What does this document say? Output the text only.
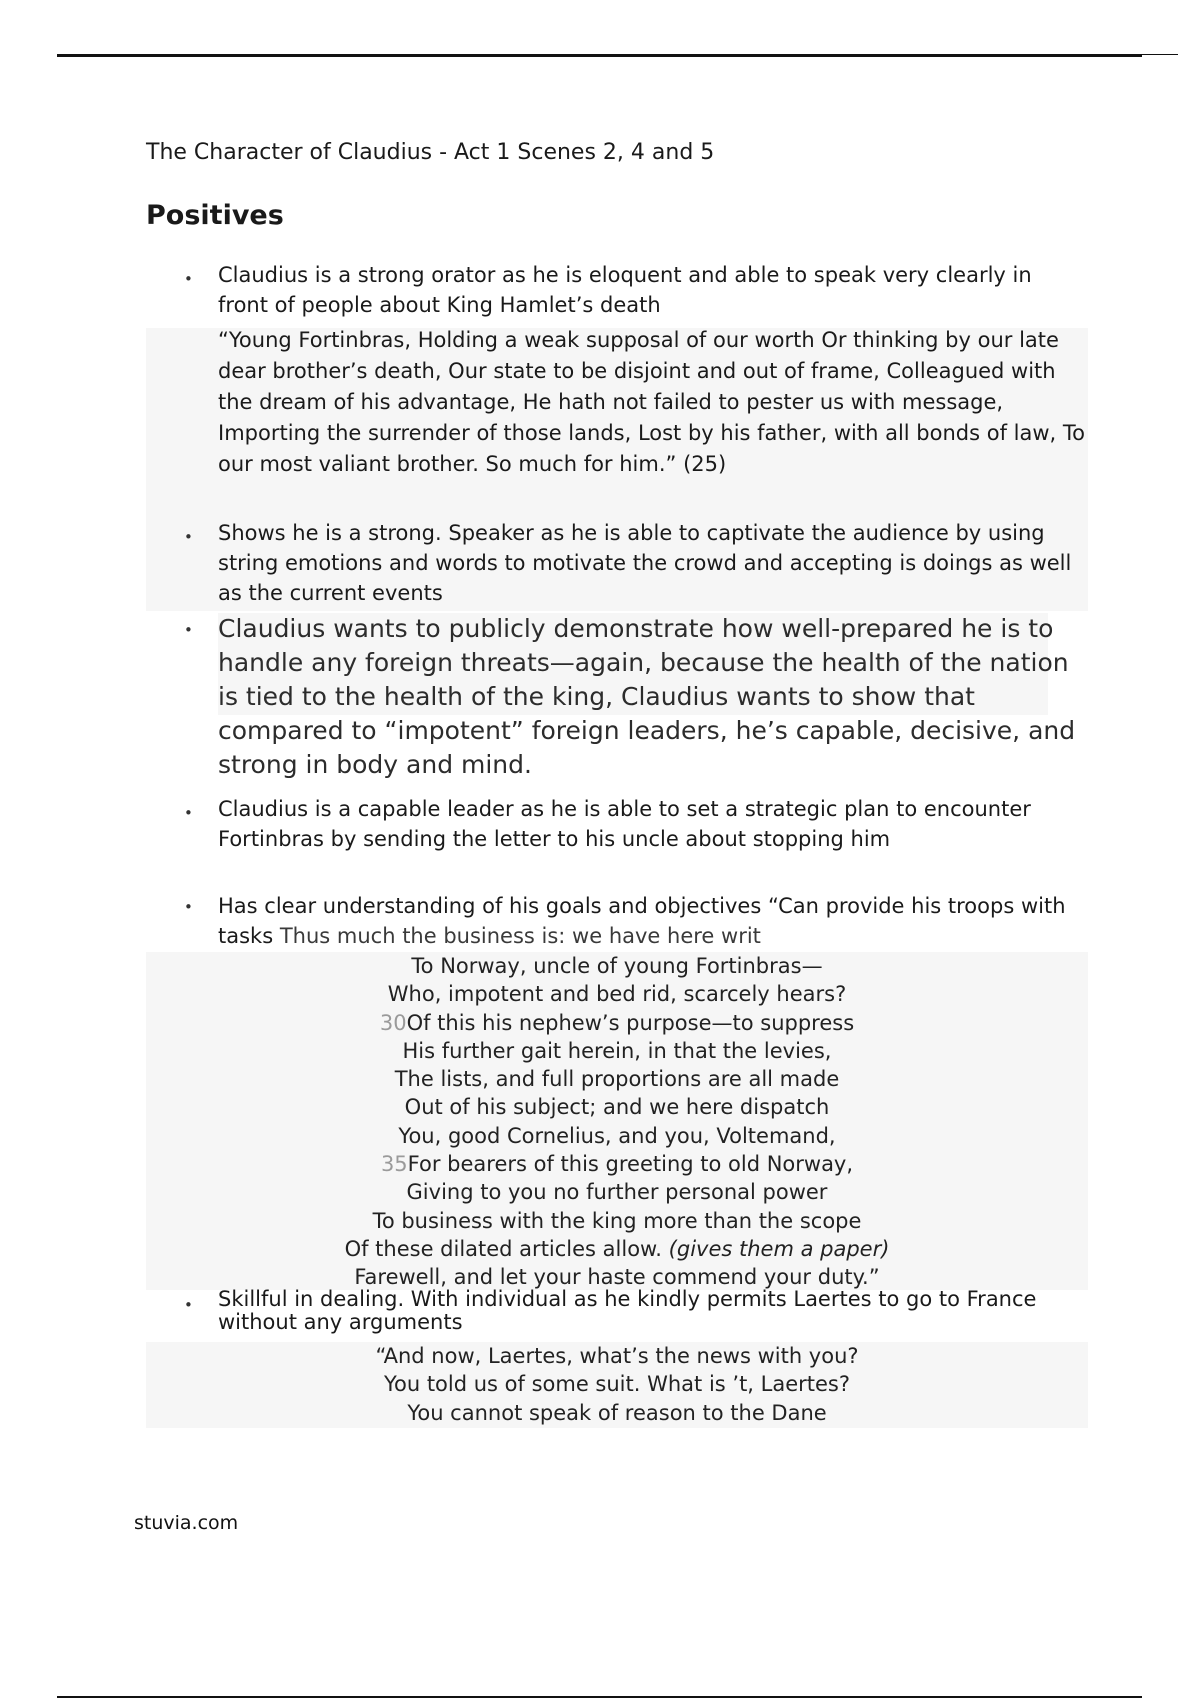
The Character of Claudius - Act 1 Scenes 2, 4 and 5

Positives
• Claudius is a strong orator as he is eloquent and able to speak very clearly in front of people about King Hamlet’s death

“Young Fortinbras, Holding a weak supposal of our worth Or thinking by our late dear brother’s death, Our state to be disjoint and out of frame, Colleagued with the dream of his advantage, He hath not failed to pester us with message, Importing the surrender of those lands, Lost by his father, with all bonds of law, To our most valiant brother. So much for him.” (25)

• Shows he is a strong. Speaker as he is able to captivate the audience by using string emotions and words to motivate the crowd and accepting is doings as well as the current events

• Claudius wants to publicly demonstrate how well-prepared he is to handle any foreign threats—again, because the health of the nation is tied to the health of the king, Claudius wants to show that compared to “impotent” foreign leaders, he’s capable, decisive, and strong in body and mind.

• Claudius is a capable leader as he is able to set a strategic plan to encounter Fortinbras by sending the letter to his uncle about stopping him

• Has clear understanding of his goals and objectives “Can provide his troops with tasks Thus much the business is: we have here writ

To Norway, uncle of young Fortinbras—
Who, impotent and bed rid, scarcely hears?
30Of this his nephew’s purpose—to suppress
His further gait herein, in that the levies,
The lists, and full proportions are all made
Out of his subject; and we here dispatch
You, good Cornelius, and you, Voltemand,
35For bearers of this greeting to old Norway,
Giving to you no further personal power
To business with the king more than the scope
Of these dilated articles allow. (gives them a paper)
Farewell, and let your haste commend your duty.”
• Skillful in dealing. With individual as he kindly permits Laertes to go to France without any arguments

“And now, Laertes, what’s the news with you?
You told us of some suit. What is ’t, Laertes?
You cannot speak of reason to the Dane

stuvia.com
